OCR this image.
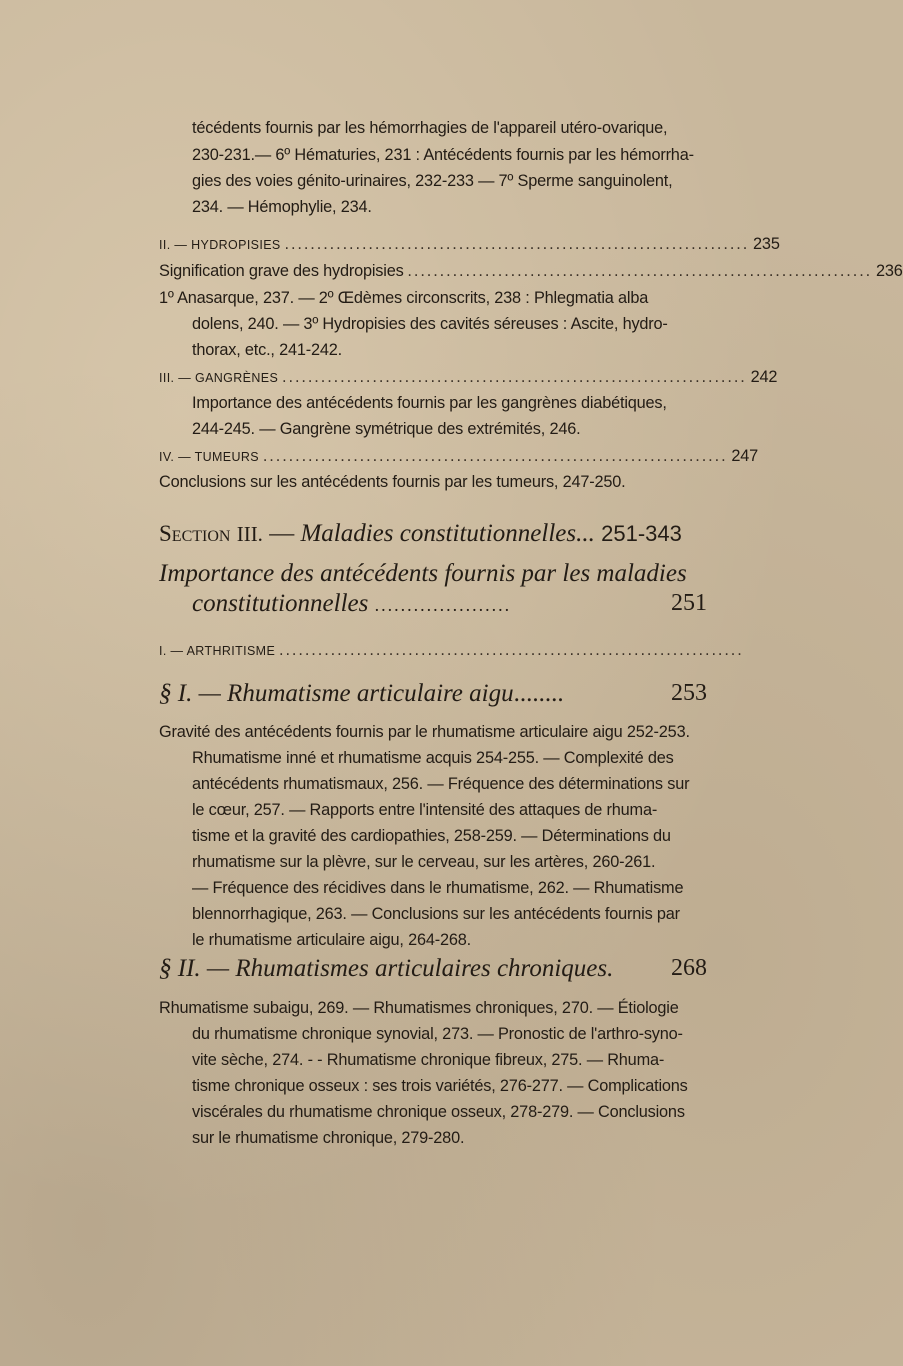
técédents fournis par les hémorrhagies de l'appareil utéro-ovarique,
230-231.— 6º Hématuries, 231 : Antécédents fournis par les hémorrha-
gies des voies génito-urinaires, 232-233 — 7º Sperme sanguinolent,
234. — Hémophylie, 234.
II. — HYDROPISIES ........................................................................ 235
Signification grave des hydropisies ........................................................................ 236
1º Anasarque, 237. — 2º Œdèmes circonscrits, 238 : Phlegmatia alba
dolens, 240. — 3º Hydropisies des cavités séreuses : Ascite, hydro-
thorax, etc., 241-242.
III. — GANGRÈNES ........................................................................ 242
Importance des antécédents fournis par les gangrènes diabétiques,
244-245. — Gangrène symétrique des extrémités, 246.
IV. — TUMEURS ........................................................................ 247
Conclusions sur les antécédents fournis par les tumeurs, 247-250.
Section III. — Maladies constitutionnelles... 251-343
Importance des antécédents fournis par les maladies
constitutionnelles .....................	251
I. — ARTHRITISME ........................................................................
§ I. — Rhumatisme articulaire aigu........	253
Gravité des antécédents fournis par le rhumatisme articulaire aigu 252-253.
Rhumatisme inné et rhumatisme acquis 254-255. — Complexité des
antécédents rhumatismaux, 256. — Fréquence des déterminations sur
le cœur, 257. — Rapports entre l'intensité des attaques de rhuma-
tisme et la gravité des cardiopathies, 258-259. — Déterminations du
rhumatisme sur la plèvre, sur le cerveau, sur les artères, 260-261.
— Fréquence des récidives dans le rhumatisme, 262. — Rhumatisme
blennorrhagique, 263. — Conclusions sur les antécédents fournis par
le rhumatisme articulaire aigu, 264-268.
§ II. — Rhumatismes articulaires chroniques. 268
Rhumatisme subaigu, 269. — Rhumatismes chroniques, 270. — Étiologie
du rhumatisme chronique synovial, 273. — Pronostic de l'arthro-syno-
vite sèche, 274. - - Rhumatisme chronique fibreux, 275. — Rhuma-
tisme chronique osseux : ses trois variétés, 276-277. — Complications
viscérales du rhumatisme chronique osseux, 278-279. — Conclusions
sur le rhumatisme chronique, 279-280.
